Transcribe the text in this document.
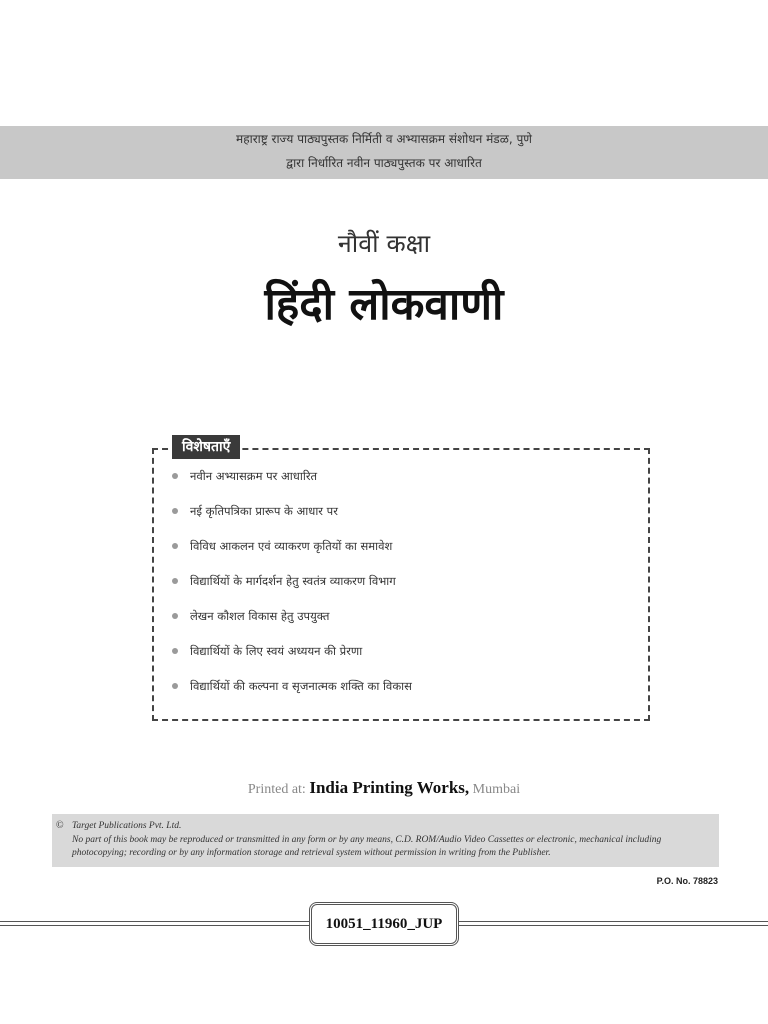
महाराष्ट्र राज्य पाठ्यपुस्तक निर्मिती व अभ्यासक्रम संशोधन मंडळ, पुणे
द्वारा निर्धारित नवीन पाठ्यपुस्तक पर आधारित
नौवीं कक्षा
हिंदी लोकवाणी
विशेषताएँ
नवीन अभ्यासक्रम पर आधारित
नई कृतिपत्रिका प्रारूप के आधार पर
विविध आकलन एवं व्याकरण कृतियों का समावेश
विद्यार्थियों के मार्गदर्शन हेतु स्वतंत्र व्याकरण विभाग
लेखन कौशल विकास हेतु उपयुक्त
विद्यार्थियों के लिए स्वयं अध्ययन की प्रेरणा
विद्यार्थियों की कल्पना व सृजनात्मक शक्ति का विकास
Printed at: India Printing Works, Mumbai
© Target Publications Pvt. Ltd.
No part of this book may be reproduced or transmitted in any form or by any means, C.D. ROM/Audio Video Cassettes or electronic, mechanical including photocopying; recording or by any information storage and retrieval system without permission in writing from the Publisher.
P.O. No. 78823
10051_11960_JUP
